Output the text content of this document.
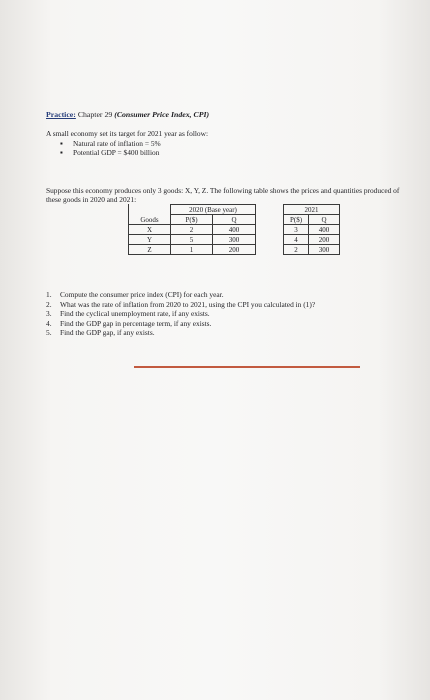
Practice: Chapter 29 (Consumer Price Index, CPI)
A small economy set its target for 2021 year as follow:
▪ Natural rate of inflation = 5%
▪ Potential GDP = $400 billion
Suppose this economy produces only 3 goods: X, Y, Z. The following table shows the prices and quantities produced of these goods in 2020 and 2021:
	2020 (Base year)			2021	
Goods	P($)	Q		P($)	Q
X	2	400		3	400
Y	5	300		4	200
Z	1	200		2	300
1. Compute the consumer price index (CPI) for each year.
2. What was the rate of inflation from 2020 to 2021, using the CPI you calculated in (1)?
3. Find the cyclical unemployment rate, if any exists.
4. Find the GDP gap in percentage term, if any exists.
5. Find the GDP gap, if any exists.
